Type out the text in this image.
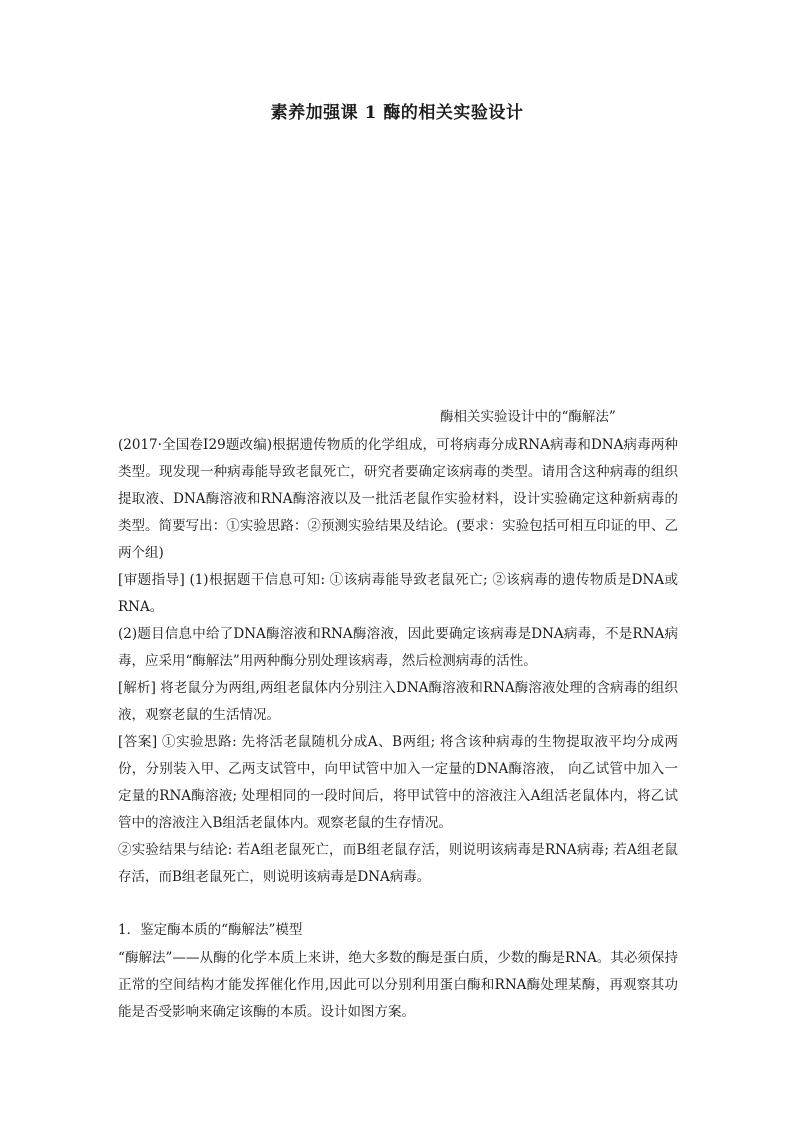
素养加强课 1 酶的相关实验设计
酶相关实验设计中的“酶解法”

(2017·全国卷Ⅰ29题改编)根据遗传物质的化学组成，可将病毒分成RNA病毒和DNA病毒两种类型。现发现一种病毒能导致老鼠死亡，研究者要确定该病毒的类型。请用含这种病毒的组织提取液、DNA酶溶液和RNA酶溶液以及一批活老鼠作实验材料，设计实验确定这种新病毒的类型。简要写出：①实验思路：②预测实验结果及结论。(要求：实验包括可相互印证的甲、乙两个组)

[审题指导] (1)根据题干信息可知: ①该病毒能导致老鼠死亡; ②该病毒的遗传物质是DNA或RNA。

(2)题目信息中给了DNA酶溶液和RNA酶溶液，因此要确定该病毒是DNA病毒，不是RNA病毒，应采用“酶解法”用两种酶分别处理该病毒，然后检测病毒的活性。

[解析] 将老鼠分为两组,两组老鼠体内分别注入DNA酶溶液和RNA酶溶液处理的含病毒的组织液，观察老鼠的生活情况。

[答案] ①实验思路: 先将活老鼠随机分成A、B两组; 将含该种病毒的生物提取液平均分成两份，分别装入甲、乙两支试管中，向甲试管中加入一定量的DNA酶溶液， 向乙试管中加入一定量的RNA酶溶液; 处理相同的一段时间后，将甲试管中的溶液注入A组活老鼠体内，将乙试管中的溶液注入B组活老鼠体内。观察老鼠的生存情况。

②实验结果与结论: 若A组老鼠死亡，而B组老鼠存活，则说明该病毒是RNA病毒; 若A组老鼠存活，而B组老鼠死亡，则说明该病毒是DNA病毒。

1．鉴定酶本质的“酶解法”模型
“酶解法”——从酶的化学本质上来讲，绝大多数的酶是蛋白质，少数的酶是RNA。其必须保持正常的空间结构才能发挥催化作用,因此可以分别利用蛋白酶和RNA酶处理某酶，再观察其功能是否受影响来确定该酶的本质。设计如图方案。
